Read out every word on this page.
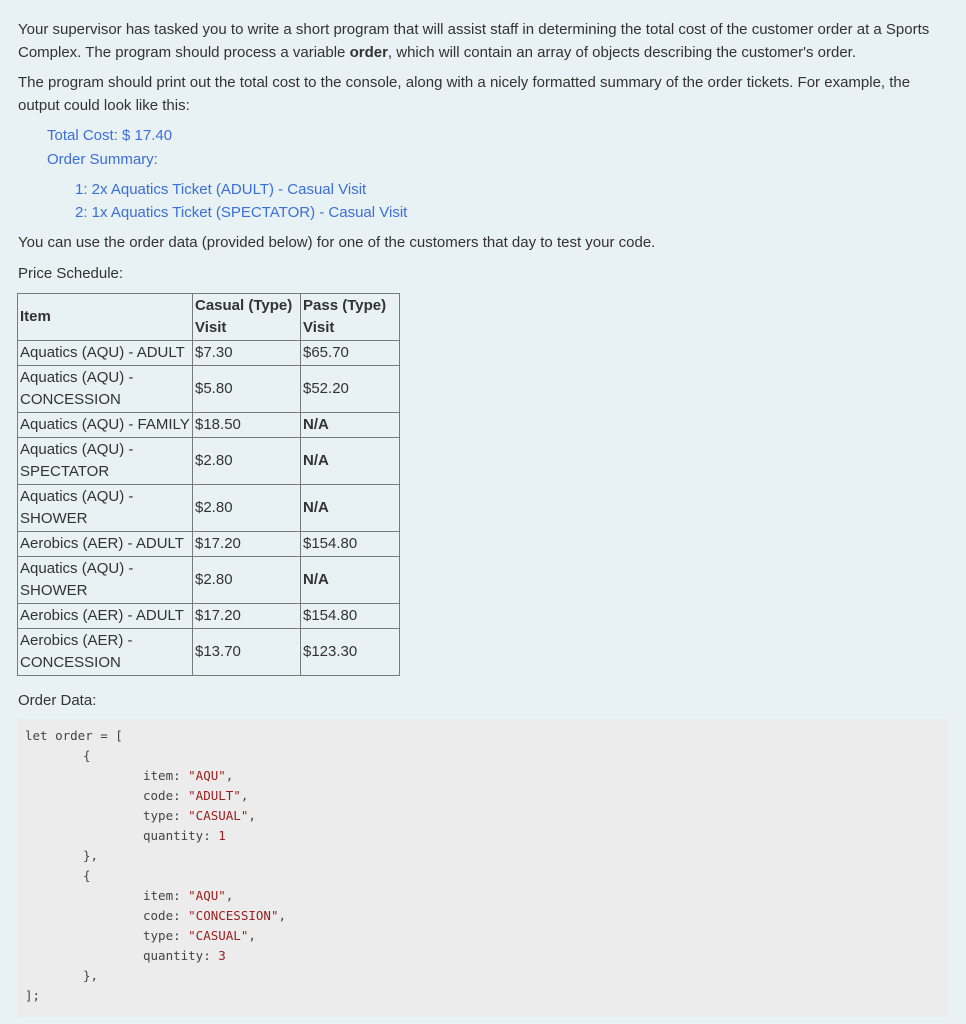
Your supervisor has tasked you to write a short program that will assist staff in determining the total cost of the customer order at a Sports Complex. The program should process a variable order, which will contain an array of objects describing the customer's order.

The program should print out the total cost to the console, along with a nicely formatted summary of the order tickets. For example, the output could look like this:

Total Cost: $ 17.40
Order Summary:
1: 2x Aquatics Ticket (ADULT) - Casual Visit
2: 1x Aquatics Ticket (SPECTATOR) - Casual Visit

You can use the order data (provided below) for one of the customers that day to test your code.

Price Schedule:

Item	Casual (Type) Visit	Pass (Type) Visit
Aquatics (AQU) - ADULT	$7.30	$65.70
Aquatics (AQU) - CONCESSION	$5.80	$52.20
Aquatics (AQU) - FAMILY	$18.50	N/A
Aquatics (AQU) - SPECTATOR	$2.80	N/A
Aquatics (AQU) - SHOWER	$2.80	N/A
Aerobics (AER) - ADULT	$17.20	$154.80
Aquatics (AQU) - SHOWER	$2.80	N/A
Aerobics (AER) - ADULT	$17.20	$154.80
Aerobics (AER) - CONCESSION	$13.70	$123.30

Order Data:

let order = [
{
item: "AQU",
code: "ADULT",
type: "CASUAL",
quantity: 1
},
{
item: "AQU",
code: "CONCESSION",
type: "CASUAL",
quantity: 3
},
];
